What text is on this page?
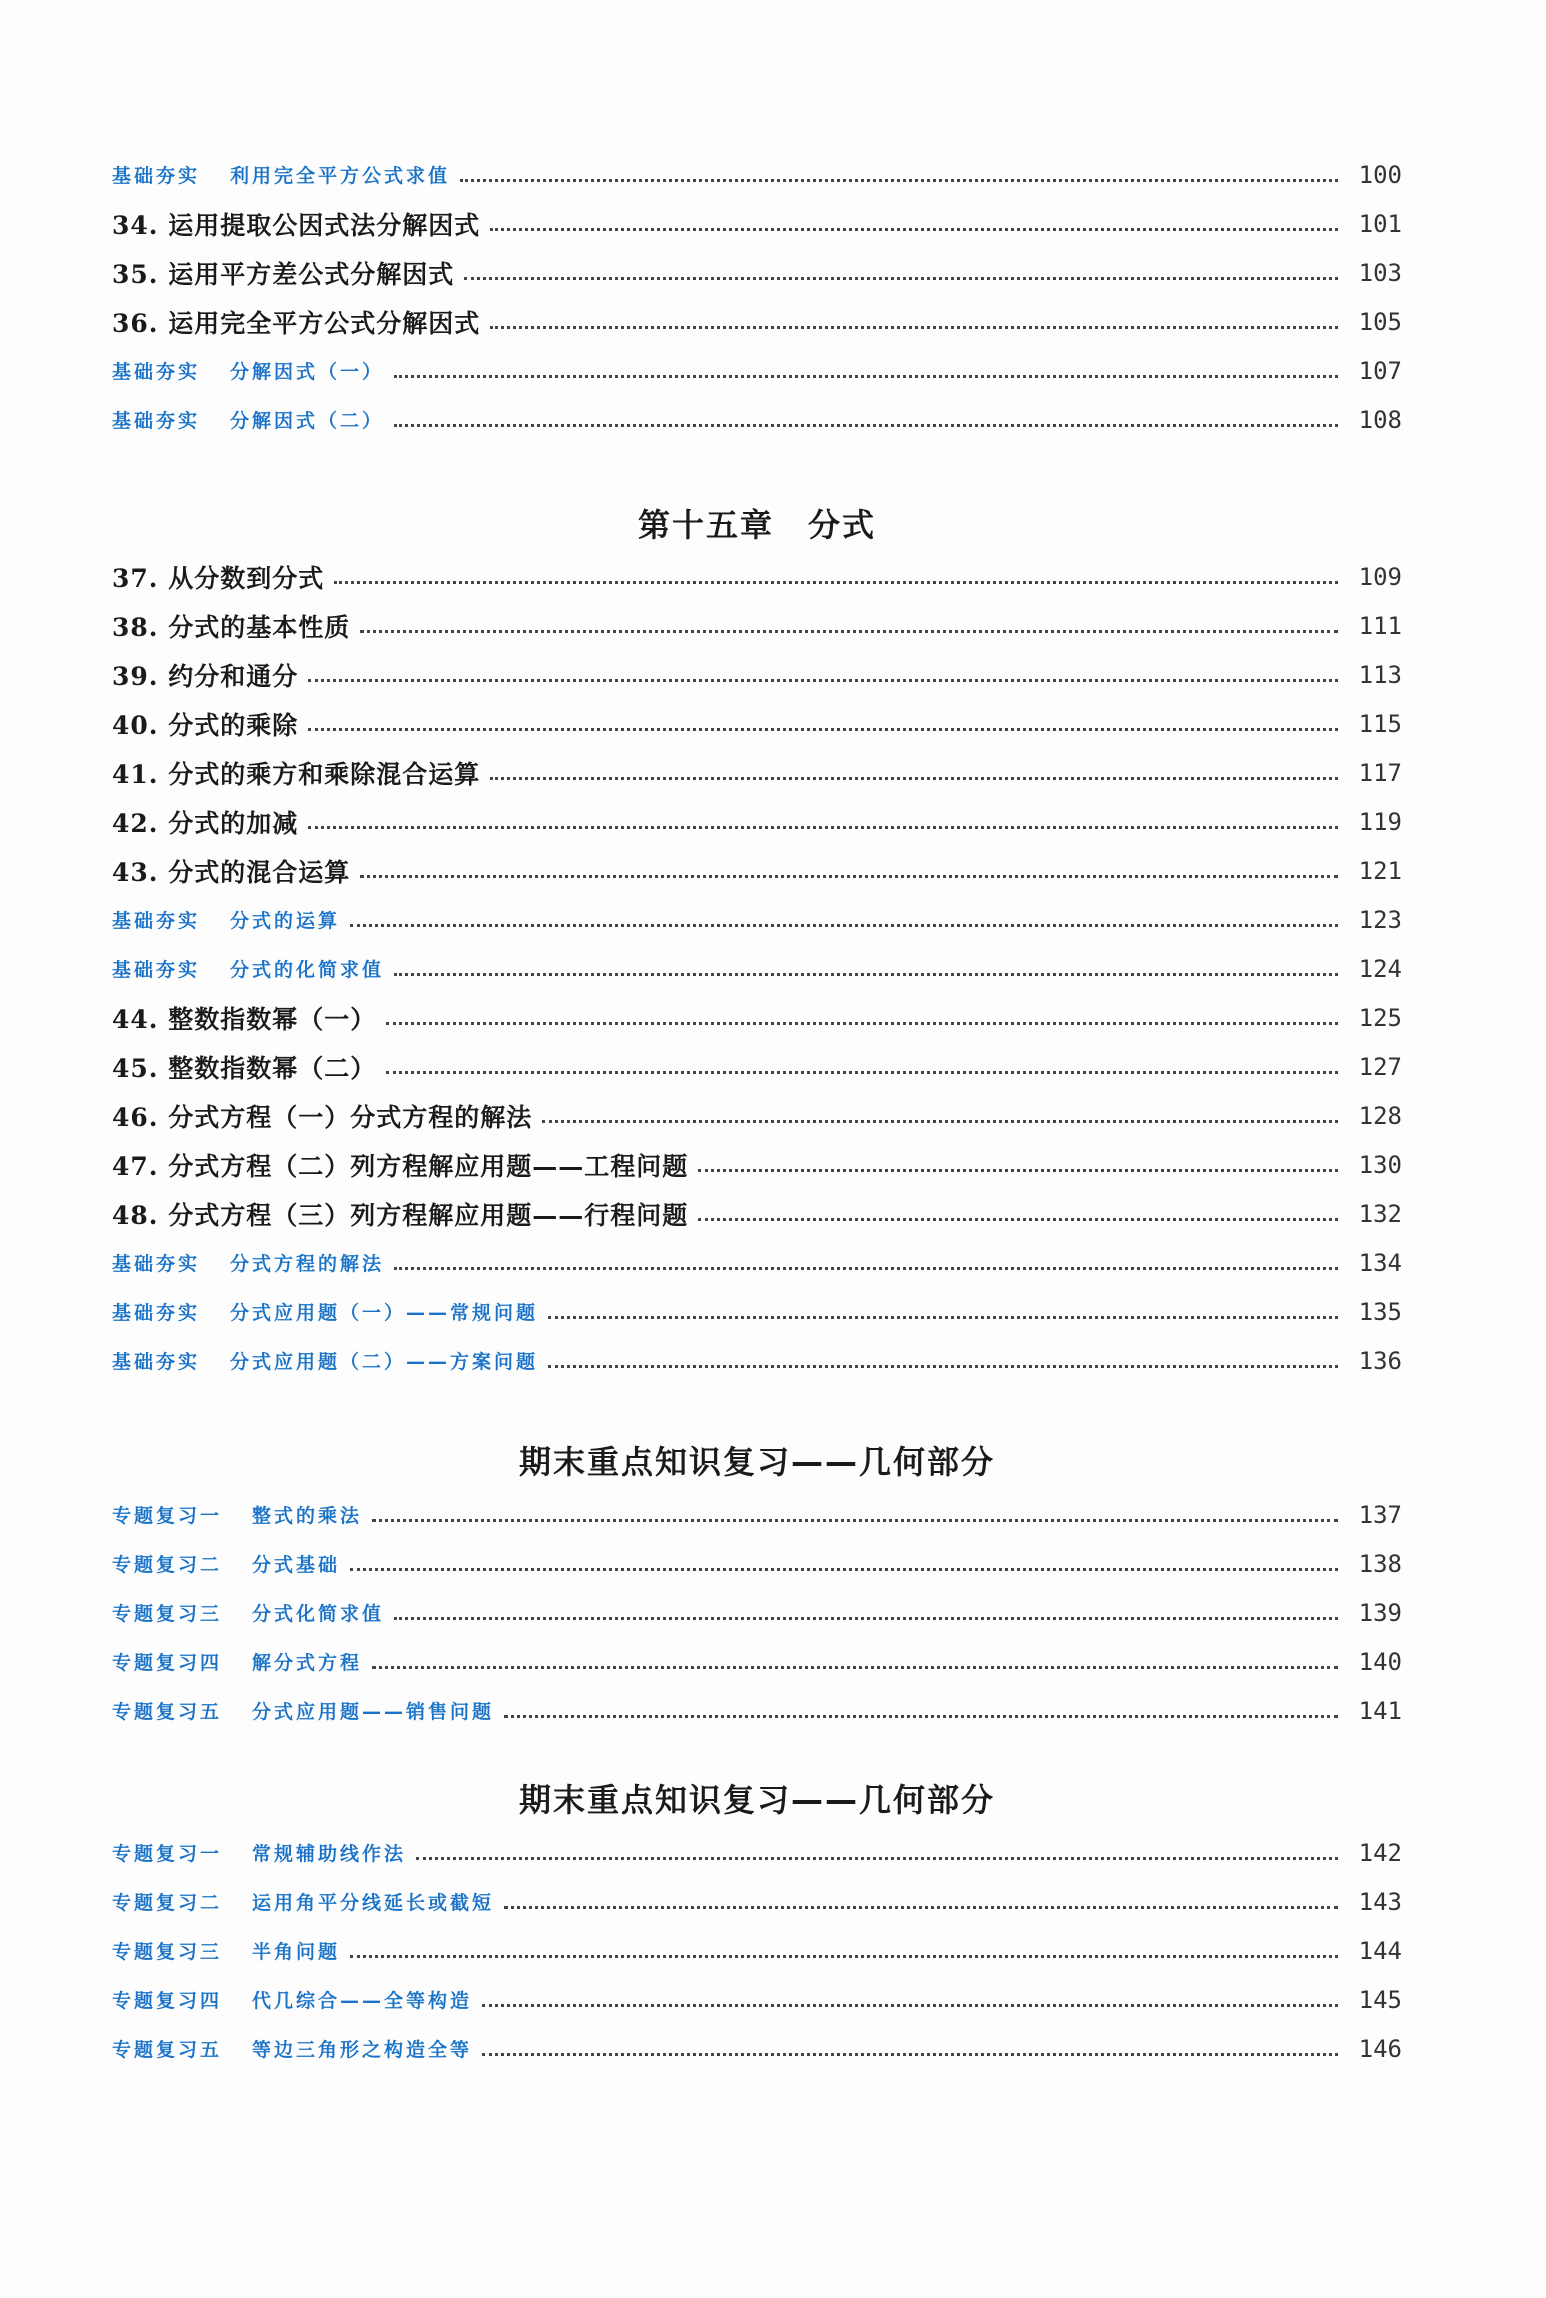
基础夯实 利用完全平方公式求值	100
34. 运用提取公因式法分解因式	101
35. 运用平方差公式分解因式	103
36. 运用完全平方公式分解因式	105
基础夯实 分解因式（一）	107
基础夯实 分解因式（二）	108
第十五章　分式
37. 从分数到分式	109
38. 分式的基本性质	111
39. 约分和通分	113
40. 分式的乘除	115
41. 分式的乘方和乘除混合运算	117
42. 分式的加减	119
43. 分式的混合运算	121
基础夯实 分式的运算	123
基础夯实 分式的化简求值	124
44. 整数指数幂（一）	125
45. 整数指数幂（二）	127
46. 分式方程（一）分式方程的解法	128
47. 分式方程（二）列方程解应用题——工程问题	130
48. 分式方程（三）列方程解应用题——行程问题	132
基础夯实 分式方程的解法	134
基础夯实 分式应用题（一）——常规问题	135
基础夯实 分式应用题（二）——方案问题	136
期末重点知识复习——几何部分
专题复习一 整式的乘法	137
专题复习二 分式基础	138
专题复习三 分式化简求值	139
专题复习四 解分式方程	140
专题复习五 分式应用题——销售问题	141
期末重点知识复习——几何部分
专题复习一 常规辅助线作法	142
专题复习二 运用角平分线延长或截短	143
专题复习三 半角问题	144
专题复习四 代几综合——全等构造	145
专题复习五 等边三角形之构造全等	146
